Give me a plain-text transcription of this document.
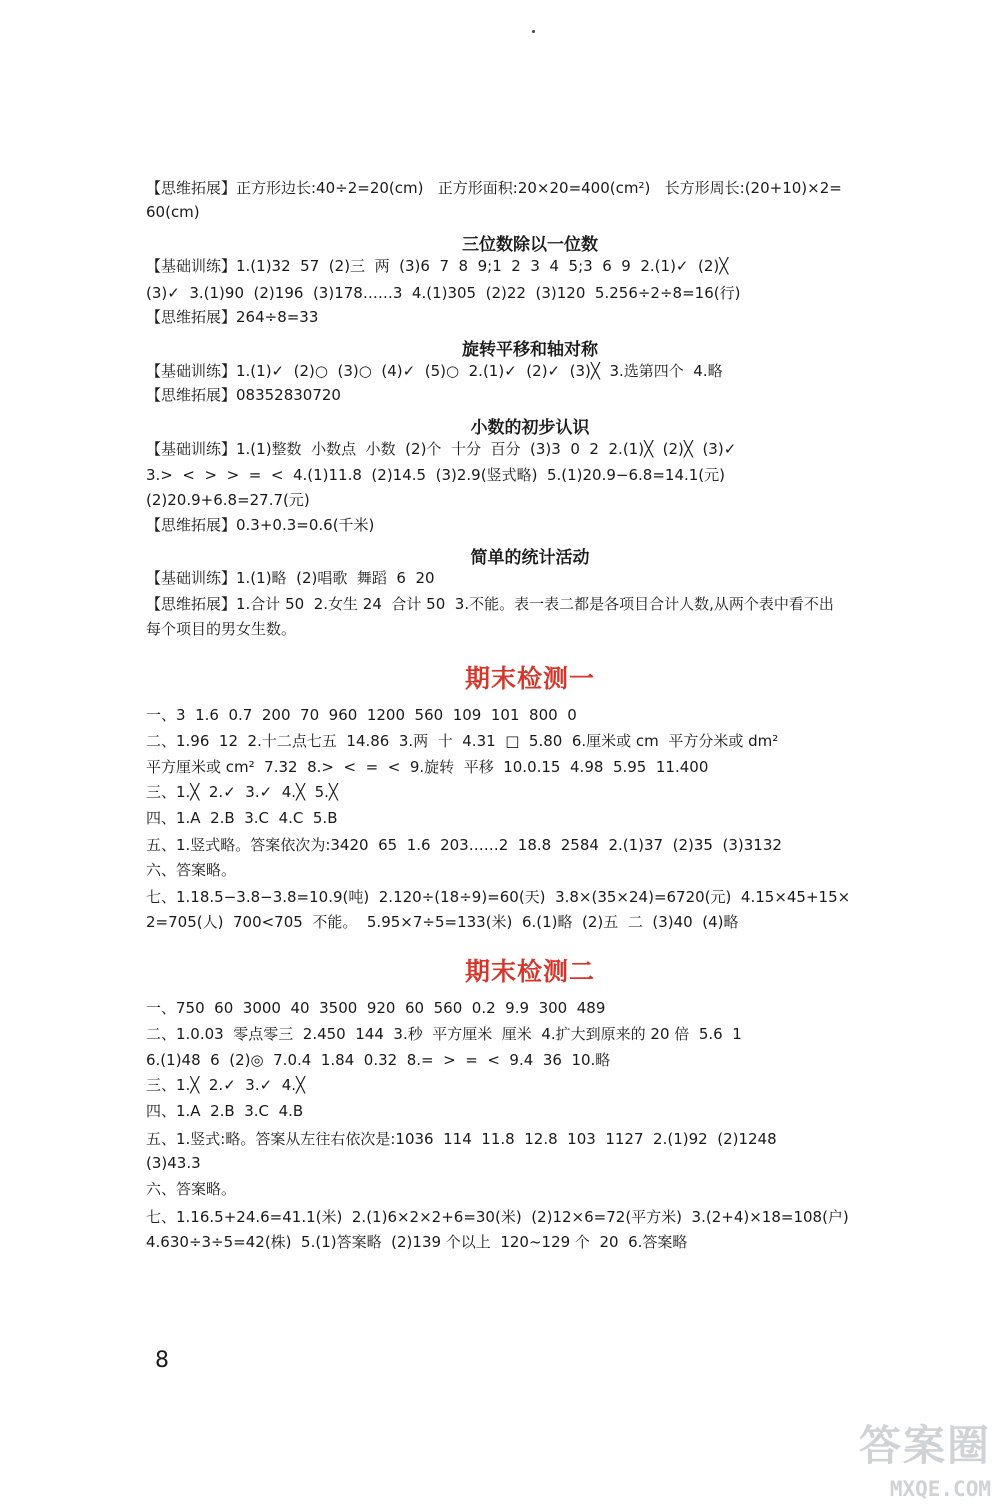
【思维拓展】正方形边长:40÷2=20(cm)   正方形面积:20×20=400(cm²)   长方形周长:(20+10)×2=
60(cm)
三位数除以一位数
【基础训练】1.(1)32  57  (2)三  两  (3)6  7  8  9;1  2  3  4  5;3  6  9  2.(1)✓  (2)╳
(3)✓  3.(1)90  (2)196  (3)178……3  4.(1)305  (2)22  (3)120  5.256÷2÷8=16(行)
【思维拓展】264÷8=33
旋转平移和轴对称
【基础训练】1.(1)✓  (2)○  (3)○  (4)✓  (5)○  2.(1)✓  (2)✓  (3)╳  3.选第四个  4.略
【思维拓展】08352830720
小数的初步认识
【基础训练】1.(1)整数  小数点  小数  (2)个  十分  百分  (3)3  0  2  2.(1)╳  (2)╳  (3)✓
3.>  <  >  >  =  <  4.(1)11.8  (2)14.5  (3)2.9(竖式略)  5.(1)20.9−6.8=14.1(元)
(2)20.9+6.8=27.7(元)
【思维拓展】0.3+0.3=0.6(千米)
简单的统计活动
【基础训练】1.(1)略  (2)唱歌  舞蹈  6  20
【思维拓展】1.合计 50  2.女生 24  合计 50  3.不能。表一表二都是各项目合计人数,从两个表中看不出
每个项目的男女生数。
期末检测一
一、3  1.6  0.7  200  70  960  1200  560  109  101  800  0
二、1.96  12  2.十二点七五  14.86  3.两  十  4.31  □  5.80  6.厘米或 cm  平方分米或 dm²
平方厘米或 cm²  7.32  8.>  <  =  <  9.旋转  平移  10.0.15  4.98  5.95  11.400
三、1.╳  2.✓  3.✓  4.╳  5.╳
四、1.A  2.B  3.C  4.C  5.B
五、1.竖式略。答案依次为:3420  65  1.6  203……2  18.8  2584  2.(1)37  (2)35  (3)3132
六、答案略。
七、1.18.5−3.8−3.8=10.9(吨)  2.120÷(18÷9)=60(天)  3.8×(35×24)=6720(元)  4.15×45+15×
2=705(人)  700<705  不能。  5.95×7÷5=133(米)  6.(1)略  (2)五  二  (3)40  (4)略
期末检测二
一、750  60  3000  40  3500  920  60  560  0.2  9.9  300  489
二、1.0.03  零点零三  2.450  144  3.秒  平方厘米  厘米  4.扩大到原来的 20 倍  5.6  1
6.(1)48  6  (2)◎  7.0.4  1.84  0.32  8.=  >  =  <  9.4  36  10.略
三、1.╳  2.✓  3.✓  4.╳
四、1.A  2.B  3.C  4.B
五、1.竖式:略。答案从左往右依次是:1036  114  11.8  12.8  103  1127  2.(1)92  (2)1248
(3)43.3
六、答案略。
七、1.16.5+24.6=41.1(米)  2.(1)6×2×2+6=30(米)  (2)12×6=72(平方米)  3.(2+4)×18=108(户)
4.630÷3÷5=42(株)  5.(1)答案略  (2)139 个以上  120~129 个  20  6.答案略
8
答案圈
MXQE.COM
